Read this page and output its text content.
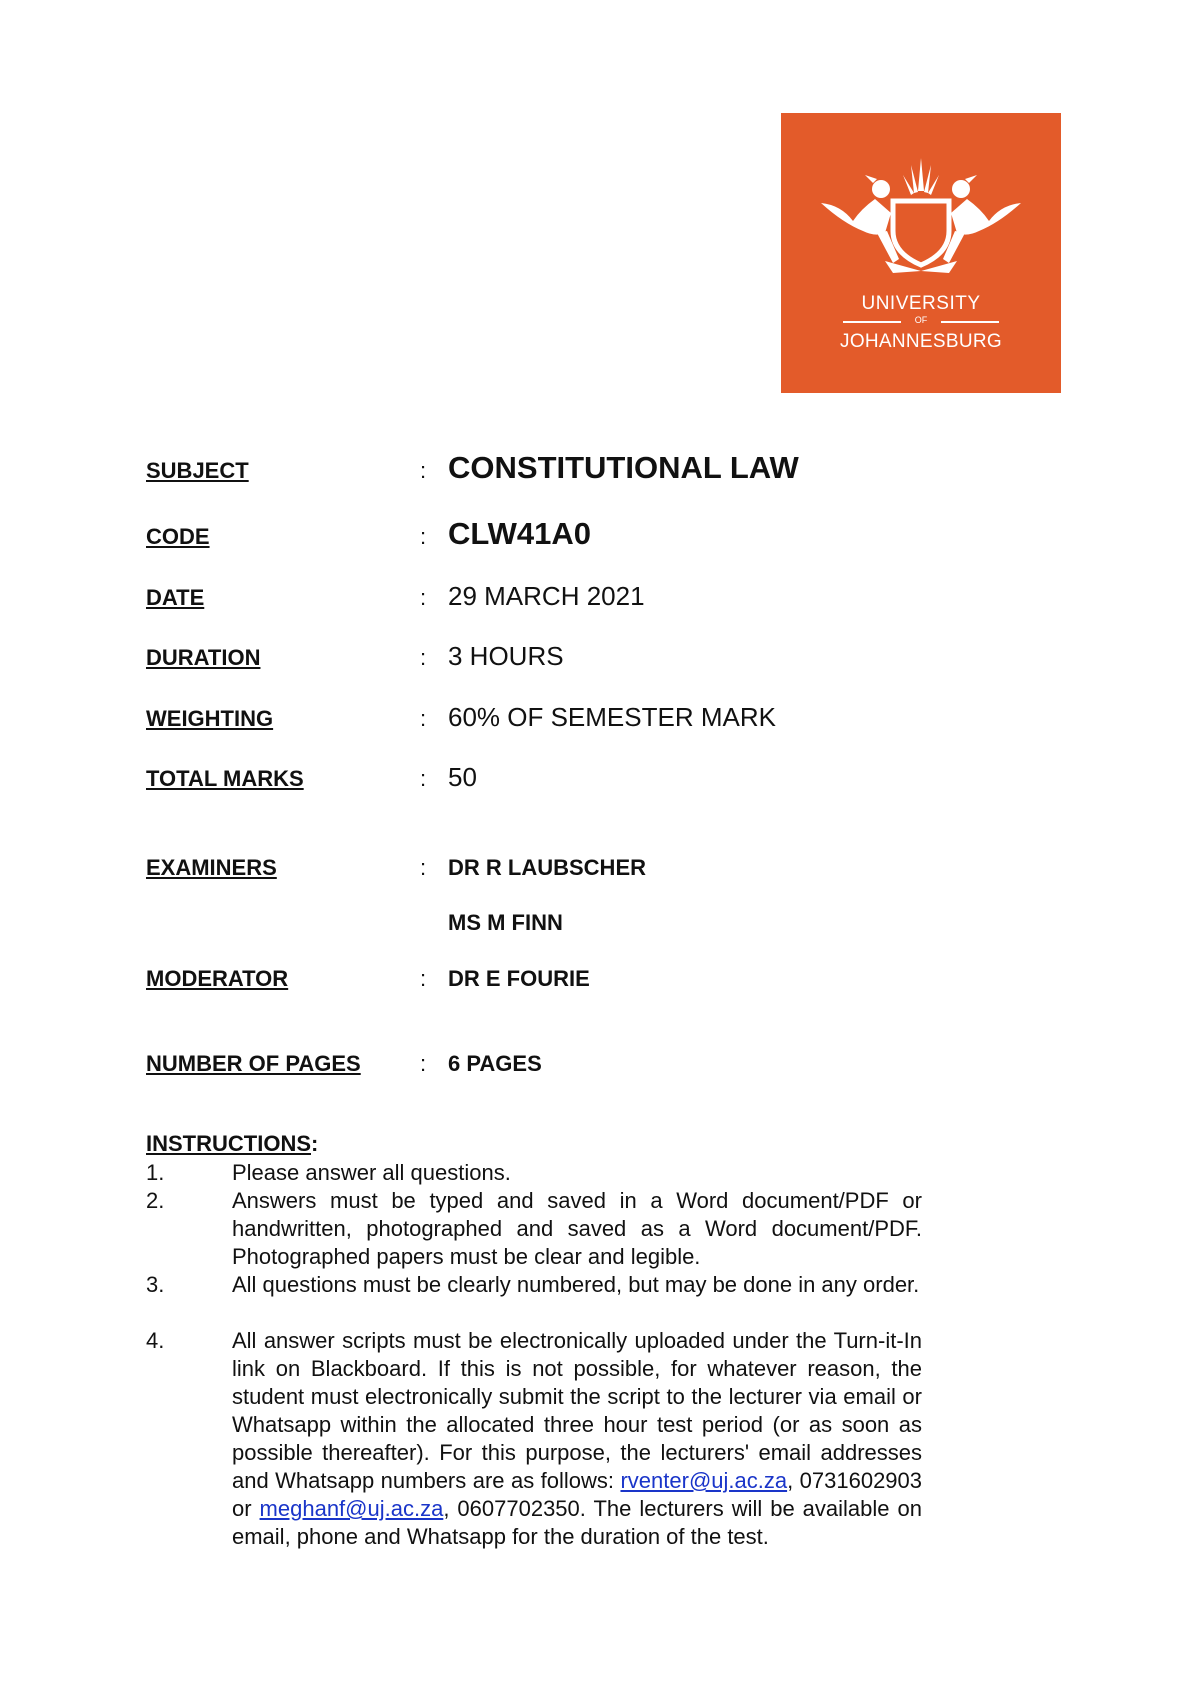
UNIVERSITY
OF
JOHANNESBURG
SUBJECT	: CONSTITUTIONAL LAW
CODE	: CLW41A0
DATE	: 29 MARCH 2021
DURATION	: 3 HOURS
WEIGHTING	: 60% OF SEMESTER MARK
TOTAL MARKS	: 50
EXAMINERS	: DR R LAUBSCHER
MS M FINN
MODERATOR	: DR E FOURIE
NUMBER OF PAGES	: 6 PAGES
INSTRUCTIONS:
1.	Please answer all questions.
2.	Answers must be typed and saved in a Word document/PDF or handwritten, photographed and saved as a Word document/PDF. Photographed papers must be clear and legible.
3.	All questions must be clearly numbered, but may be done in any order.
4.	All answer scripts must be electronically uploaded under the Turn-it-In link on Blackboard. If this is not possible, for whatever reason, the student must electronically submit the script to the lecturer via email or Whatsapp within the allocated three hour test period (or as soon as possible thereafter). For this purpose, the lecturers' email addresses and Whatsapp numbers are as follows: rventer@uj.ac.za, 0731602903 or meghanf@uj.ac.za, 0607702350. The lecturers will be available on email, phone and Whatsapp for the duration of the test.
